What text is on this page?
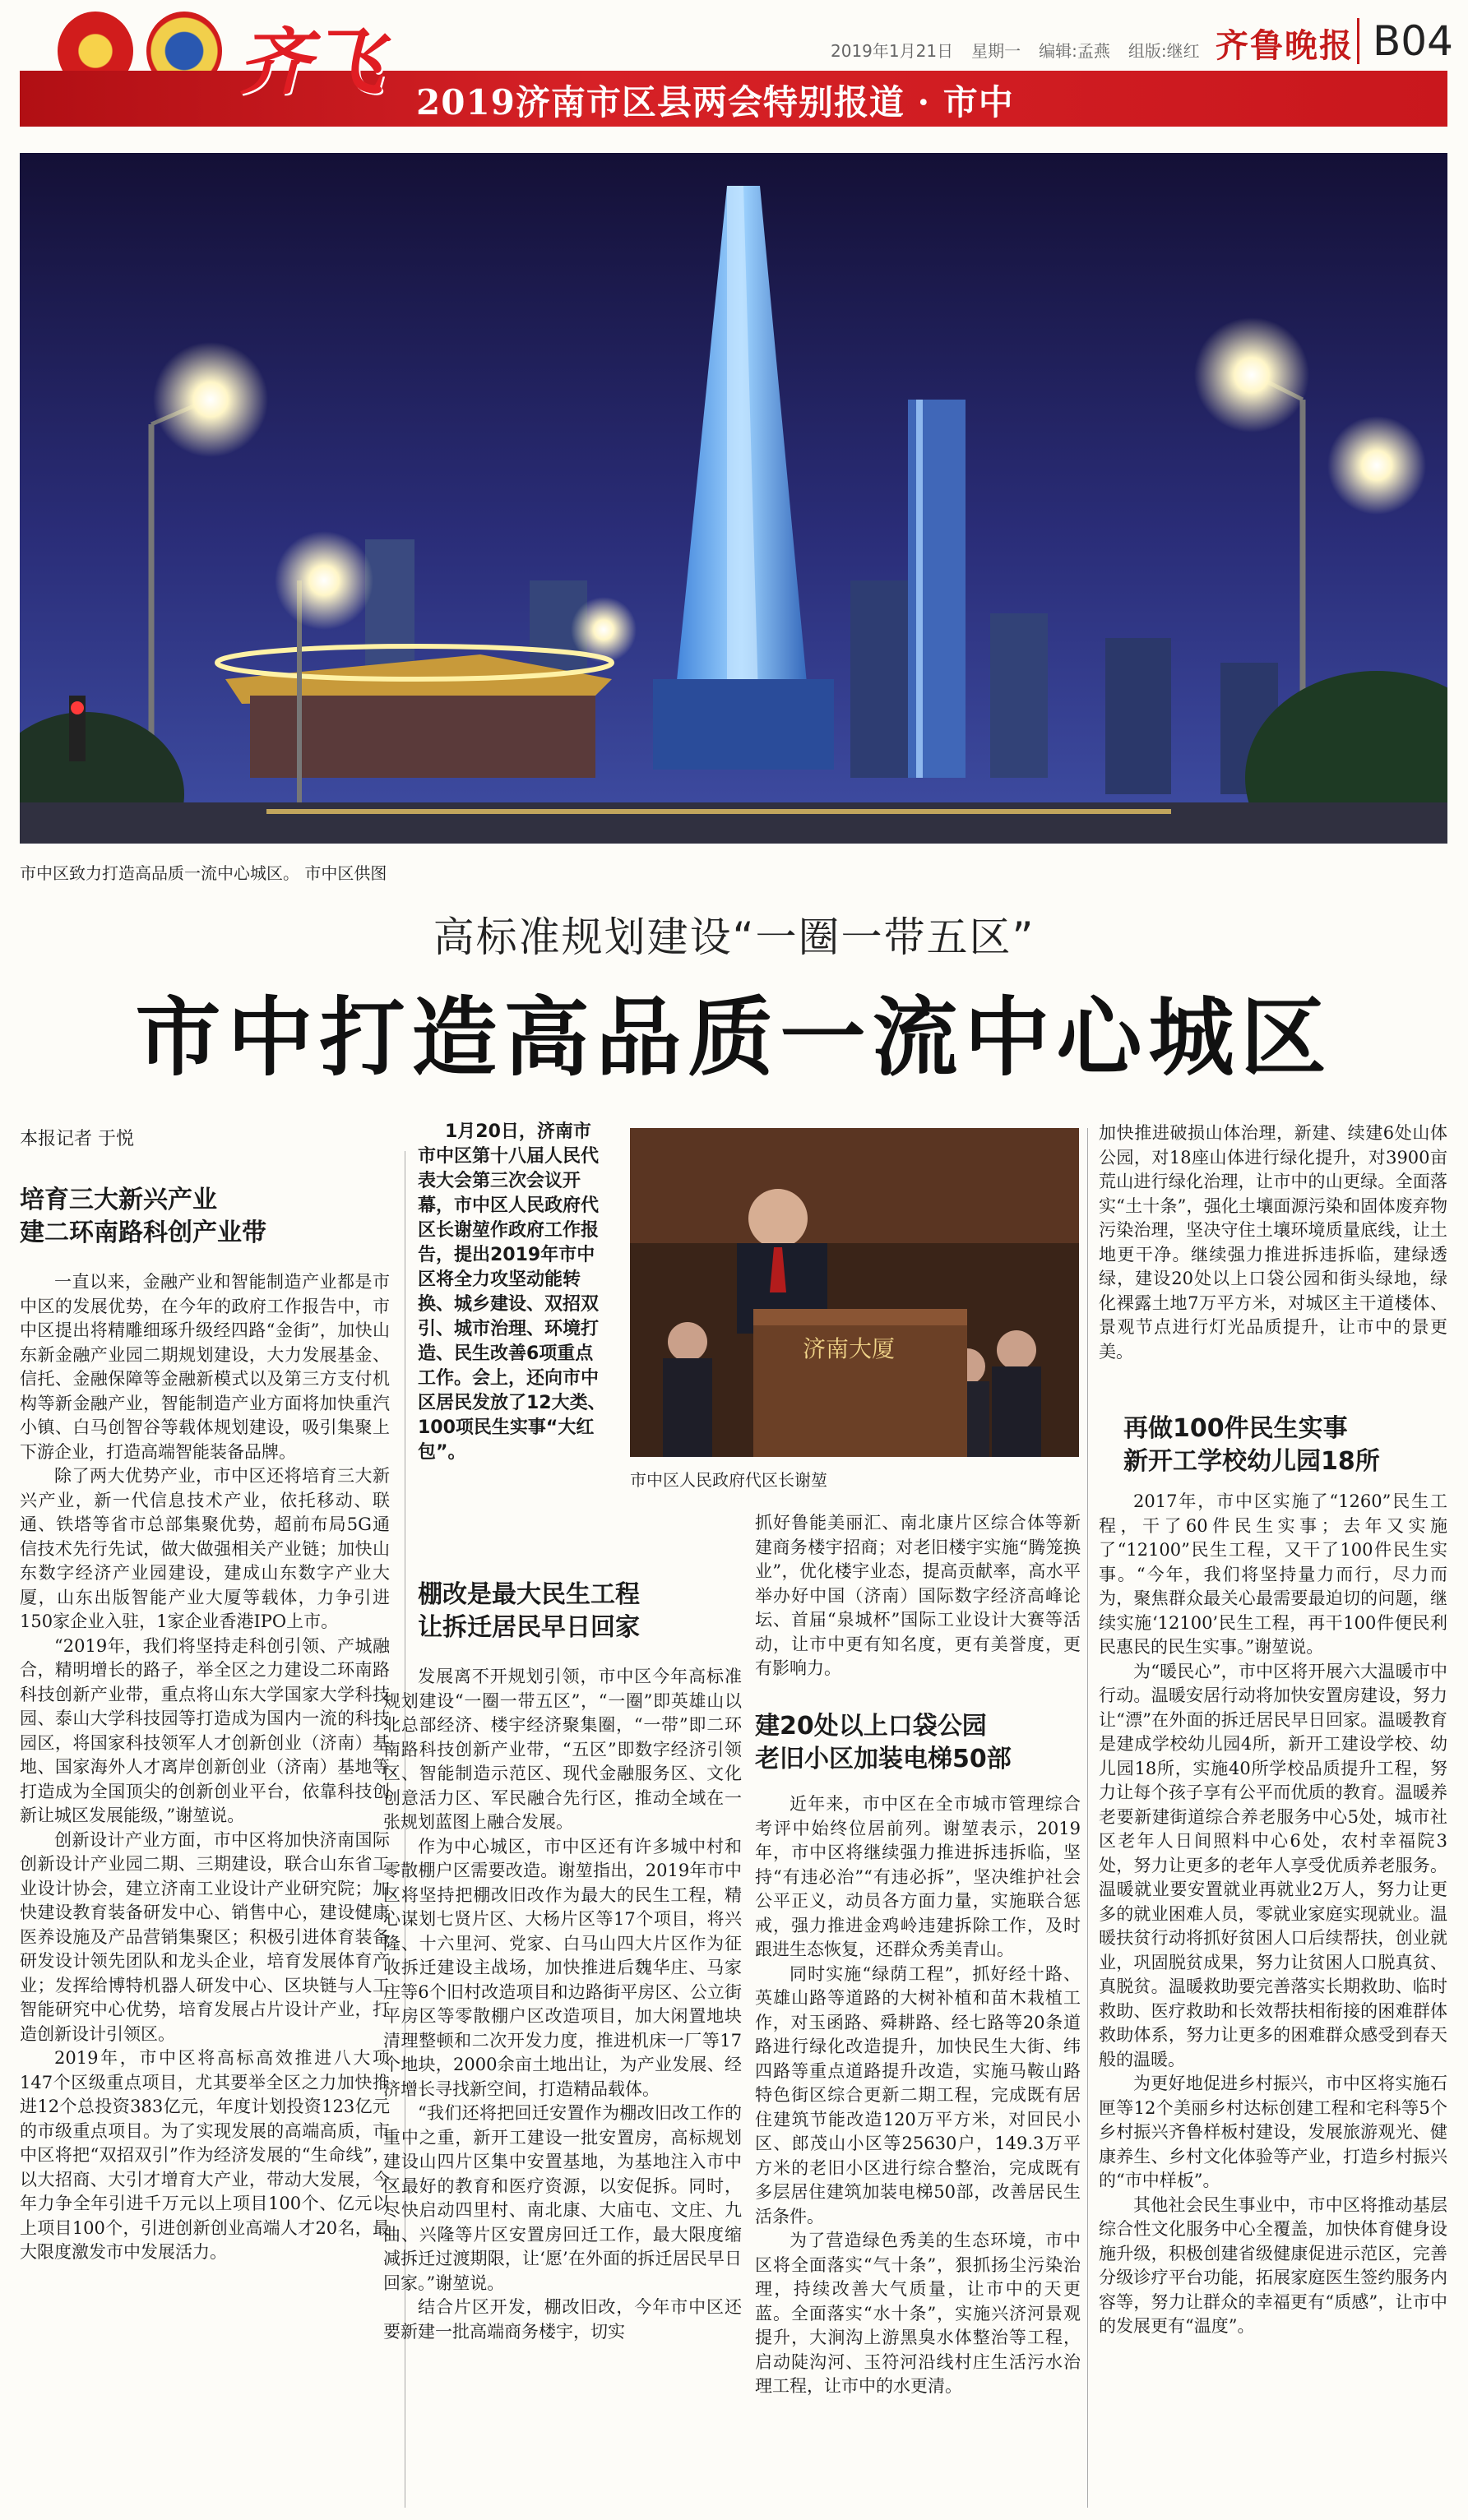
齐飞 2019济南市区县两会特别报道 · 市中
2019年1月21日 星期一 编辑:孟燕 组版:继红 齐鲁晚报 B04
市中区致力打造高品质一流中心城区。 市中区供图
高标准规划建设“一圈一带五区”
市中打造高品质一流中心城区
本报记者 于悦
培育三大新兴产业
建二环南路科创产业带

一直以来，金融产业和智能制造产业都是市中区的发展优势，在今年的政府工作报告中，市中区提出将精雕细琢升级经四路“金街”，加快山东新金融产业园二期规划建设，大力发展基金、信托、金融保障等金融新模式以及第三方支付机构等新金融产业，智能制造产业方面将加快重汽小镇、白马创智谷等载体规划建设，吸引集聚上下游企业，打造高端智能装备品牌。

除了两大优势产业，市中区还将培育三大新兴产业，新一代信息技术产业，依托移动、联通、铁塔等省市总部集聚优势，超前布局5G通信技术先行先试，做大做强相关产业链；加快山东数字经济产业园建设，建成山东数字产业大厦，山东出版智能产业大厦等载体，力争引进150家企业入驻，1家企业香港IPO上市。

“2019年，我们将坚持走科创引领、产城融合，精明增长的路子，举全区之力建设二环南路科技创新产业带，重点将山东大学国家大学科技园、泰山大学科技园等打造成为国内一流的科技园区，将国家科技领军人才创新创业（济南）基地、国家海外人才离岸创新创业（济南）基地等打造成为全国顶尖的创新创业平台，依靠科技创新让城区发展能级，”谢堃说。

创新设计产业方面，市中区将加快济南国际创新设计产业园二期、三期建设，联合山东省工业设计协会，建立济南工业设计产业研究院；加快建设教育装备研发中心、销售中心，建设健康医养设施及产品营销集聚区；积极引进体育装备研发设计领先团队和龙头企业，培育发展体育产业；发挥给博特机器人研发中心、区块链与人工智能研究中心优势，培育发展占片设计产业，打造创新设计引领区。

2019年，市中区将高标高效推进八大项147个区级重点项目，尤其要举全区之力加快推进12个总投资383亿元，年度计划投资123亿元的市级重点项目。为了实现发展的高端高质，市中区将把“双招双引”作为经济发展的“生命线”，以大招商、大引才增育大产业，带动大发展，今年力争全年引进千万元以上项目100个、亿元以上项目100个，引进创新创业高端人才20名，最大限度激发市中发展活力。

1月20日，济南市市中区第十八届人民代表大会第三次会议开幕，市中区人民政府代区长谢堃作政府工作报告，提出2019年市中区将全力攻坚动能转换、城乡建设、双招双引、城市治理、环境打造、民生改善6项重点工作。会上，还向市中区居民发放了12大类、100项民生实事“大红包”。
济南大厦
市中区人民政府代区长谢堃
棚改是最大民生工程
让拆迁居民早日回家

发展离不开规划引领，市中区今年高标准规划建设“一圈一带五区”，“一圈”即英雄山以北总部经济、楼宇经济聚集圈，“一带”即二环南路科技创新产业带，“五区”即数字经济引领区、智能制造示范区、现代金融服务区、文化创意活力区、军民融合先行区，推动全域在一张规划蓝图上融合发展。

作为中心城区，市中区还有许多城中村和零散棚户区需要改造。谢堃指出，2019年市中区将坚持把棚改旧改作为最大的民生工程，精心谋划七贤片区、大杨片区等17个项目，将兴隆、十六里河、党家、白马山四大片区作为征收拆迁建设主战场，加快推进后魏华庄、马家庄等6个旧村改造项目和边路街平房区、公立街平房区等零散棚户区改造项目，加大闲置地块清理整顿和二次开发力度，推进机床一厂等17个地块，2000余亩土地出让，为产业发展、经济增长寻找新空间，打造精品载体。

“我们还将把回迁安置作为棚改旧改工作的重中之重，新开工建设一批安置房，高标规划建设山四片区集中安置基地，为基地注入市中区最好的教育和医疗资源，以安促拆。同时，尽快启动四里村、南北康、大庙屯、文庄、九曲、兴隆等片区安置房回迁工作，最大限度缩减拆迁过渡期限，让‘愿’在外面的拆迁居民早日回家。”谢堃说。

结合片区开发，棚改旧改，今年市中区还要新建一批高端商务楼宇，切实

抓好鲁能美丽汇、南北康片区综合体等新建商务楼宇招商；对老旧楼宇实施“腾笼换业”，优化楼宇业态，提高贡献率，高水平举办好中国（济南）国际数字经济高峰论坛、首届“泉城杯”国际工业设计大赛等活动，让市中更有知名度，更有美誉度，更有影响力。

建20处以上口袋公园
老旧小区加装电梯50部

近年来，市中区在全市城市管理综合考评中始终位居前列。谢堃表示，2019年，市中区将继续强力推进拆违拆临，坚持“有违必治”“有违必拆”，坚决维护社会公平正义，动员各方面力量，实施联合惩戒，强力推进金鸡岭违建拆除工作，及时跟进生态恢复，还群众秀美青山。

同时实施“绿荫工程”，抓好经十路、英雄山路等道路的大树补植和苗木栽植工作，对玉函路、舜耕路、经七路等20条道路进行绿化改造提升，加快民生大街、纬四路等重点道路提升改造，实施马鞍山路特色街区综合更新二期工程，完成既有居住建筑节能改造120万平方米，对回民小区、郎茂山小区等25630户，149.3万平方米的老旧小区进行综合整治，完成既有多层居住建筑加装电梯50部，改善居民生活条件。

为了营造绿色秀美的生态环境，市中区将全面落实“气十条”，狠抓扬尘污染治理，持续改善大气质量，让市中的天更蓝。全面落实“水十条”，实施兴济河景观提升，大涧沟上游黑臭水体整治等工程，启动陡沟河、玉符河沿线村庄生活污水治理工程，让市中的水更清。

加快推进破损山体治理，新建、续建6处山体公园，对18座山体进行绿化提升，对3900亩荒山进行绿化治理，让市中的山更绿。全面落实“土十条”，强化土壤面源污染和固体废弃物污染治理，坚决守住土壤环境质量底线，让土地更干净。继续强力推进拆违拆临，建绿透绿，建设20处以上口袋公园和街头绿地，绿化裸露土地7万平方米，对城区主干道楼体、景观节点进行灯光品质提升，让市中的景更美。

再做100件民生实事
新开工学校幼儿园18所

2017年，市中区实施了“1260”民生工程，干了60件民生实事；去年又实施了“12100”民生工程，又干了100件民生实事。“今年，我们将坚持量力而行，尽力而为，聚焦群众最关心最需要最迫切的问题，继续实施‘12100’民生工程，再干100件便民利民惠民的民生实事。”谢堃说。

为“暖民心”，市中区将开展六大温暖市中行动。温暖安居行动将加快安置房建设，努力让“漂”在外面的拆迁居民早日回家。温暖教育是建成学校幼儿园4所，新开工建设学校、幼儿园18所，实施40所学校品质提升工程，努力让每个孩子享有公平而优质的教育。温暖养老要新建街道综合养老服务中心5处，城市社区老年人日间照料中心6处，农村幸福院3处，努力让更多的老年人享受优质养老服务。温暖就业要安置就业再就业2万人，努力让更多的就业困难人员，零就业家庭实现就业。温暖扶贫行动将抓好贫困人口后续帮扶，创业就业，巩固脱贫成果，努力让贫困人口脱真贫、真脱贫。温暖救助要完善落实长期救助、临时救助、医疗救助和长效帮扶相衔接的困难群体救助体系，努力让更多的困难群众感受到春天般的温暖。

为更好地促进乡村振兴，市中区将实施石匣等12个美丽乡村达标创建工程和宅科等5个乡村振兴齐鲁样板村建设，发展旅游观光、健康养生、乡村文化体验等产业，打造乡村振兴的“市中样板”。

其他社会民生事业中，市中区将推动基层综合性文化服务中心全覆盖，加快体育健身设施升级，积极创建省级健康促进示范区，完善分级诊疗平台功能，拓展家庭医生签约服务内容等，努力让群众的幸福更有“质感”，让市中的发展更有“温度”。
